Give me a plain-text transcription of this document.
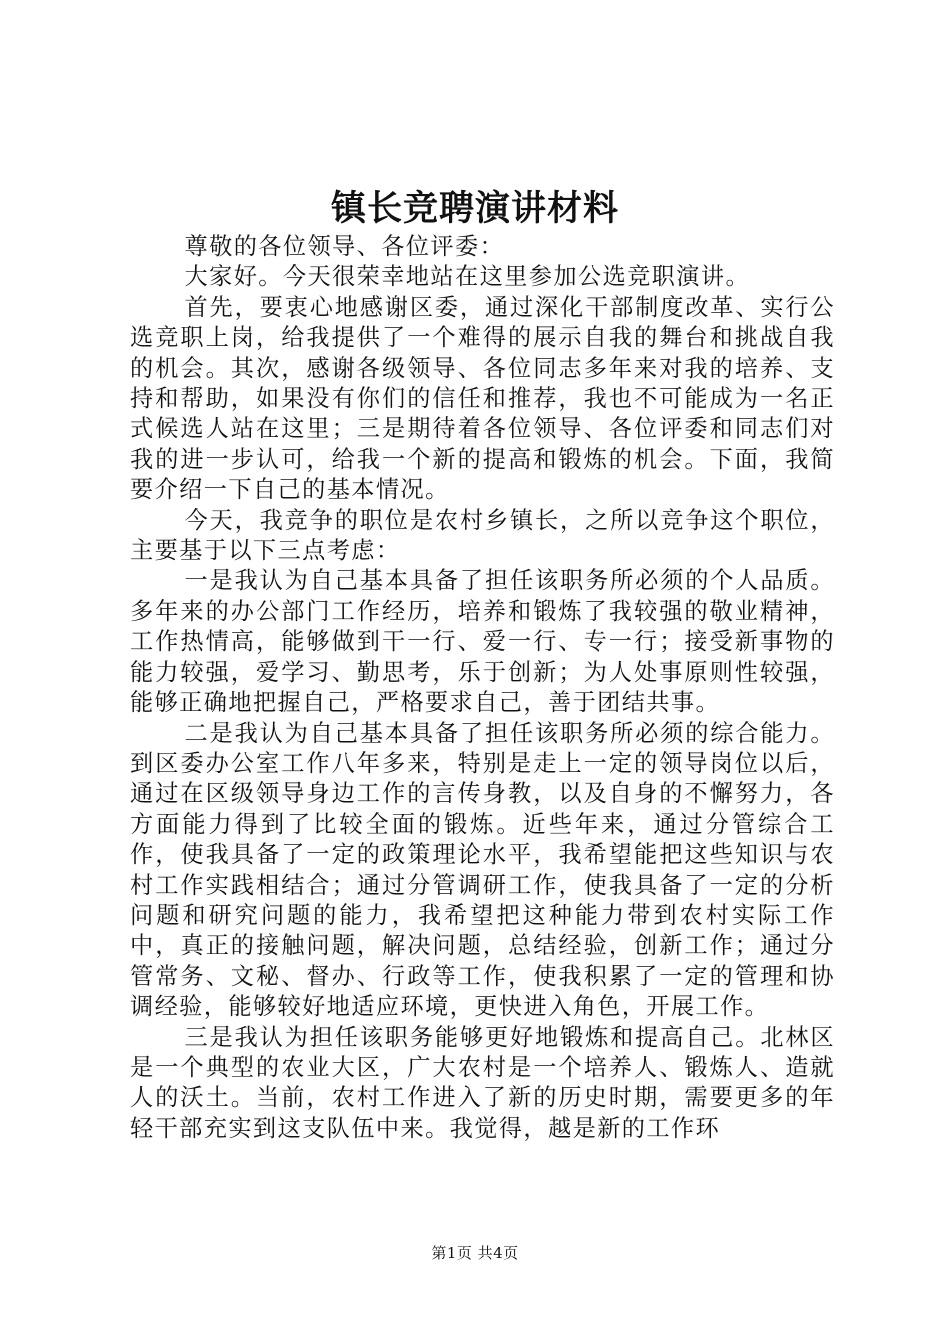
镇长竞聘演讲材料

尊敬的各位领导、各位评委：

大家好。今天很荣幸地站在这里参加公选竞职演讲。

首先，要衷心地感谢区委，通过深化干部制度改革、实行公选竞职上岗，给我提供了一个难得的展示自我的舞台和挑战自我的机会。其次，感谢各级领导、各位同志多年来对我的培养、支持和帮助，如果没有你们的信任和推荐，我也不可能成为一名正式候选人站在这里；三是期待着各位领导、各位评委和同志们对我的进一步认可，给我一个新的提高和锻炼的机会。下面，我简要介绍一下自己的基本情况。

今天，我竞争的职位是农村乡镇长，之所以竞争这个职位，主要基于以下三点考虑：

一是我认为自己基本具备了担任该职务所必须的个人品质。多年来的办公部门工作经历，培养和锻炼了我较强的敬业精神，工作热情高，能够做到干一行、爱一行、专一行；接受新事物的能力较强，爱学习、勤思考，乐于创新；为人处事原则性较强，能够正确地把握自己，严格要求自己，善于团结共事。

二是我认为自己基本具备了担任该职务所必须的综合能力。到区委办公室工作八年多来，特别是走上一定的领导岗位以后，通过在区级领导身边工作的言传身教，以及自身的不懈努力，各方面能力得到了比较全面的锻炼。近些年来，通过分管综合工作，使我具备了一定的政策理论水平，我希望能把这些知识与农村工作实践相结合；通过分管调研工作，使我具备了一定的分析问题和研究问题的能力，我希望把这种能力带到农村实际工作中，真正的接触问题，解决问题，总结经验，创新工作；通过分管常务、文秘、督办、行政等工作，使我积累了一定的管理和协调经验，能够较好地适应环境，更快进入角色，开展工作。

三是我认为担任该职务能够更好地锻炼和提高自己。北林区是一个典型的农业大区，广大农村是一个培养人、锻炼人、造就人的沃土。当前，农村工作进入了新的历史时期，需要更多的年轻干部充实到这支队伍中来。我觉得，越是新的工作环

第1页 共4页
